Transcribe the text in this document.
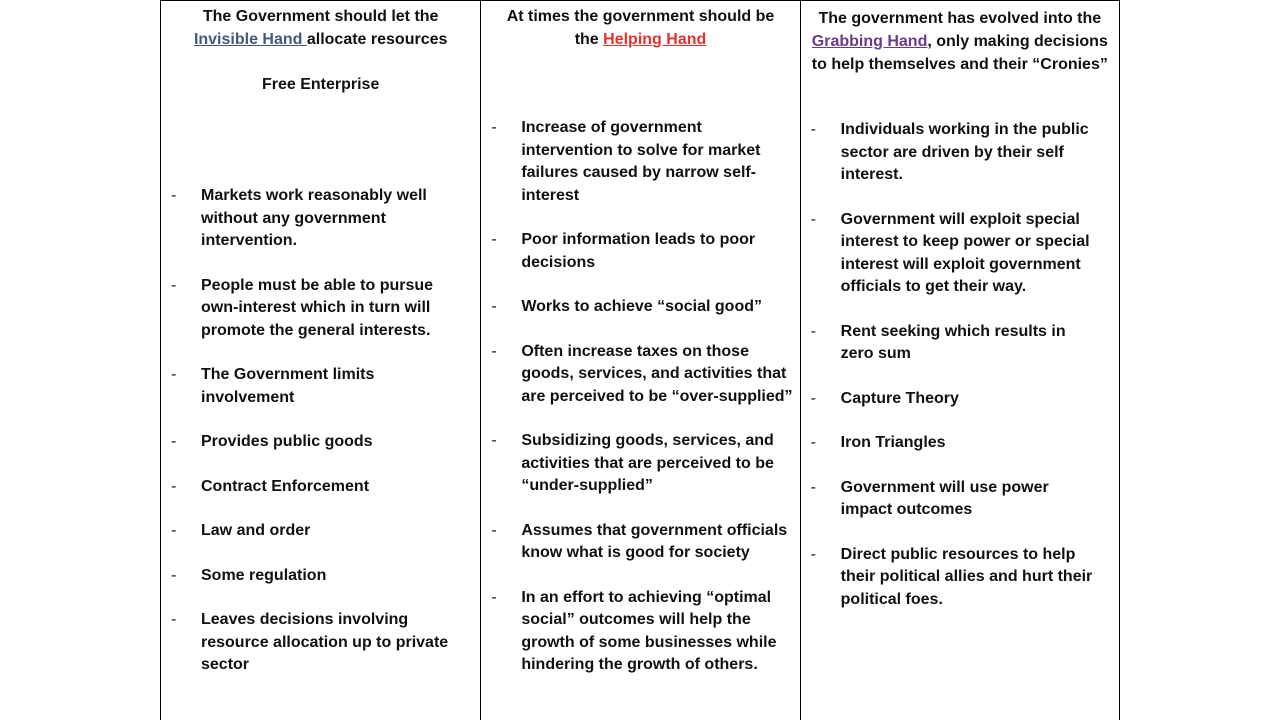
The Government should let the
Invisible Hand allocate resources
Free Enterprise
- Markets work reasonably well without any government intervention.
- People must be able to pursue own-interest which in turn will promote the general interests.
- The Government limits involvement
- Provides public goods
- Contract Enforcement
- Law and order
- Some regulation
- Leaves decisions involving resource allocation up to private sector
At times the government should be
the Helping Hand
- Increase of government intervention to solve for market failures caused by narrow self-interest
- Poor information leads to poor decisions
- Works to achieve “social good”
- Often increase taxes on those goods, services, and activities that are perceived to be “over-supplied”
- Subsidizing goods, services, and activities that are perceived to be “under-supplied”
- Assumes that government officials know what is good for society
- In an effort to achieving “optimal social” outcomes will help the growth of some businesses while hindering the growth of others.
The government has evolved into the
Grabbing Hand, only making decisions
to help themselves and their “Cronies”
- Individuals working in the public sector are driven by their self interest.
- Government will exploit special interest to keep power or special interest will exploit government officials to get their way.
- Rent seeking which results in zero sum
- Capture Theory
- Iron Triangles
- Government will use power impact outcomes
- Direct public resources to help their political allies and hurt their political foes.
